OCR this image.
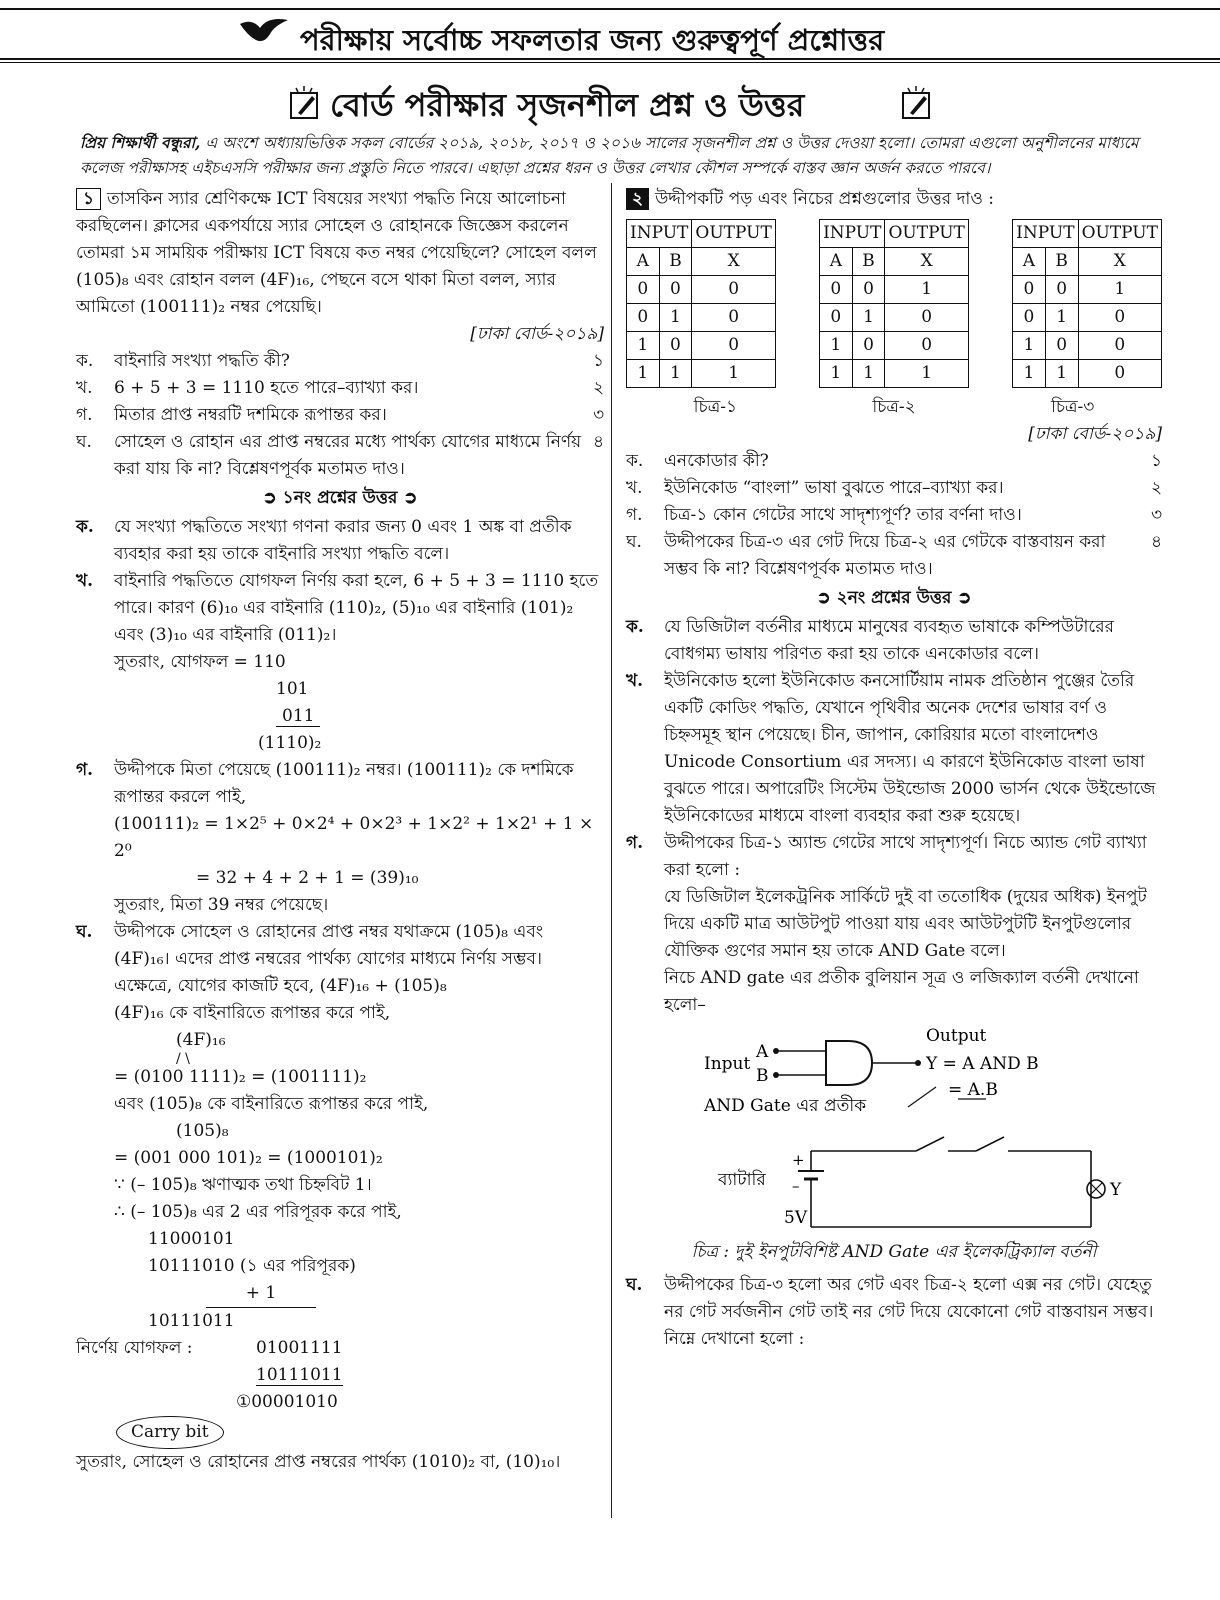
পরীক্ষায় সর্বোচ্চ সফলতার জন্য গুরুত্বপূর্ণ প্রশ্নোত্তর
বোর্ড পরীক্ষার সৃজনশীল প্রশ্ন ও উত্তর
প্রিয় শিক্ষার্থী বন্ধুরা, এ অংশে অধ্যায়ভিত্তিক সকল বোর্ডের ২০১৯, ২০১৮, ২০১৭ ও ২০১৬ সালের সৃজনশীল প্রশ্ন ও উত্তর দেওয়া হলো। তোমরা এগুলো অনুশীলনের মাধ্যমে কলেজ পরীক্ষাসহ এইচএসসি পরীক্ষার জন্য প্রস্তুতি নিতে পারবে। এছাড়া প্রশ্নের ধরন ও উত্তর লেখার কৌশল সম্পর্কে বাস্তব জ্ঞান অর্জন করতে পারবে।

১ তাসকিন স্যার শ্রেণিকক্ষে ICT বিষয়ের সংখ্যা পদ্ধতি নিয়ে আলোচনা করছিলেন। ক্লাসের একপর্যায়ে স্যার সোহেল ও রোহানকে জিজ্ঞেস করলেন তোমরা ১ম সাময়িক পরীক্ষায় ICT বিষয়ে কত নম্বর পেয়েছিলে? সোহেল বলল (105)₈ এবং রোহান বলল (4F)₁₆, পেছনে বসে থাকা মিতা বলল, স্যার আমিতো (100111)₂ নম্বর পেয়েছি।

[ঢাকা বোর্ড-২০১৯]
ক.	বাইনারি সংখ্যা পদ্ধতি কী?	১
খ.	6 + 5 + 3 = 1110 হতে পারে–ব্যাখ্যা কর।	২
গ.	মিতার প্রাপ্ত নম্বরটি দশমিকে রূপান্তর কর।	৩
ঘ.	সোহেল ও রোহান এর প্রাপ্ত নম্বরের মধ্যে পার্থক্য যোগের মাধ্যমে নির্ণয় করা যায় কি না? বিশ্লেষণপূর্বক মতামত দাও।
৪
➲ ১নং প্রশ্নের উত্তর ➲
ক.	যে সংখ্যা পদ্ধতিতে সংখ্যা গণনা করার জন্য 0 এবং 1 অঙ্ক বা প্রতীক ব্যবহার করা হয় তাকে বাইনারি সংখ্যা পদ্ধতি বলে।
খ.	বাইনারি পদ্ধতিতে যোগফল নির্ণয় করা হলে, 6 + 5 + 3 = 1110 হতে পারে। কারণ (6)₁₀ এর বাইনারি (110)₂, (5)₁₀ এর বাইনারি (101)₂ এবং (3)₁₀ এর বাইনারি (011)₂।
সুতরাং, যোগফল = 110
101
011
(1110)₂
গ.	উদ্দীপকে মিতা পেয়েছে (100111)₂ নম্বর। (100111)₂ কে দশমিকে রূপান্তর করলে পাই,
(100111)₂ = 1×2⁵ + 0×2⁴ + 0×2³ + 1×2² + 1×2¹ + 1 × 2⁰
= 32 + 4 + 2 + 1 = (39)₁₀
সুতরাং, মিতা 39 নম্বর পেয়েছে।
ঘ.	উদ্দীপকে সোহেল ও রোহানের প্রাপ্ত নম্বর যথাক্রমে (105)₈ এবং (4F)₁₆। এদের প্রাপ্ত নম্বরের পার্থক্য যোগের মাধ্যমে নির্ণয় সম্ভব। এক্ষেত্রে, যোগের কাজটি হবে, (4F)₁₆ + (105)₈
(4F)₁₆ কে বাইনারিতে রূপান্তর করে পাই,
(4F)₁₆
/ \
= (0100 1111)₂ = (1001111)₂
এবং (105)₈ কে বাইনারিতে রূপান্তর করে পাই,
(105)₈
= (001 000 101)₂ = (1000101)₂
∵ (– 105)₈ ঋণাত্মক তথা চিহ্নবিট 1।
∴ (– 105)₈ এর 2 এর পরিপূরক করে পাই,
11000101
10111010 (১ এর পরিপূরক)
+ 1
10111011
নির্ণেয় যোগফল :	01001111
10111011
①00001010
Carry bit
সুতরাং, সোহেল ও রোহানের প্রাপ্ত নম্বরের পার্থক্য (1010)₂ বা, (10)₁₀।

২ উদ্দীপকটি পড় এবং নিচের প্রশ্নগুলোর উত্তর দাও :

INPUT		OUTPUT
A	B	X
0	0	0
0	1	0
1	0	0
1	1	1
INPUT		OUTPUT
A	B	X
0	0	1
0	1	0
1	0	0
1	1	1
INPUT		OUTPUT
A	B	X
0	0	1
0	1	0
1	0	0
1	1	0
চিত্র-১	চিত্র-২	চিত্র-৩
[ঢাকা বোর্ড-২০১৯]
ক.	এনকোডার কী?	১
খ.	ইউনিকোড “বাংলা” ভাষা বুঝতে পারে–ব্যাখ্যা কর।	২
গ.	চিত্র-১ কোন গেটের সাথে সাদৃশ্যপূর্ণ? তার বর্ণনা দাও।	৩
ঘ.	উদ্দীপকের চিত্র-৩ এর গেট দিয়ে চিত্র-২ এর গেটকে বাস্তবায়ন করা সম্ভব কি না? বিশ্লেষণপূর্বক মতামত দাও।
৪
➲ ২নং প্রশ্নের উত্তর ➲
ক.	যে ডিজিটাল বর্তনীর মাধ্যমে মানুষের ব্যবহৃত ভাষাকে কম্পিউটারের বোধগম্য ভাষায় পরিণত করা হয় তাকে এনকোডার বলে।
খ.	ইউনিকোড হলো ইউনিকোড কনসোর্টিয়াম নামক প্রতিষ্ঠান পুঞ্জের তৈরি একটি কোডিং পদ্ধতি, যেখানে পৃথিবীর অনেক দেশের ভাষার বর্ণ ও চিহ্নসমূহ স্থান পেয়েছে। চীন, জাপান, কোরিয়ার মতো বাংলাদেশও Unicode Consortium এর সদস্য। এ কারণে ইউনিকোড বাংলা ভাষা বুঝতে পারে। অপারেটিং সিস্টেম উইন্ডোজ 2000 ভার্সন থেকে উইন্ডোজে ইউনিকোডের মাধ্যমে বাংলা ব্যবহার করা শুরু হয়েছে।
গ.	উদ্দীপকের চিত্র-১ অ্যান্ড গেটের সাথে সাদৃশ্যপূর্ণ। নিচে অ্যান্ড গেট ব্যাখ্যা করা হলো :
যে ডিজিটাল ইলেকট্রনিক সার্কিটে দুই বা ততোধিক (দুয়ের অধিক) ইনপুট দিয়ে একটি মাত্র আউটপুট পাওয়া যায় এবং আউটপুটটি ইনপুটগুলোর যৌক্তিক গুণের সমান হয় তাকে AND Gate বলে।
নিচে AND gate এর প্রতীক বুলিয়ান সূত্র ও লজিক্যাল বর্তনী দেখানো হলো–
Output
Input
A
B
Y = A AND B
= A.B
AND Gate এর প্রতীক
+
–
ব্যাটারি
5V
Y
চিত্র : দুই ইনপুটবিশিষ্ট AND Gate এর ইলেকট্রিক্যাল বর্তনী
ঘ.	উদ্দীপকের চিত্র-৩ হলো অর গেট এবং চিত্র-২ হলো এক্স নর গেট। যেহেতু নর গেট সর্বজনীন গেট তাই নর গেট দিয়ে যেকোনো গেট বাস্তবায়ন সম্ভব। নিম্নে দেখানো হলো :
